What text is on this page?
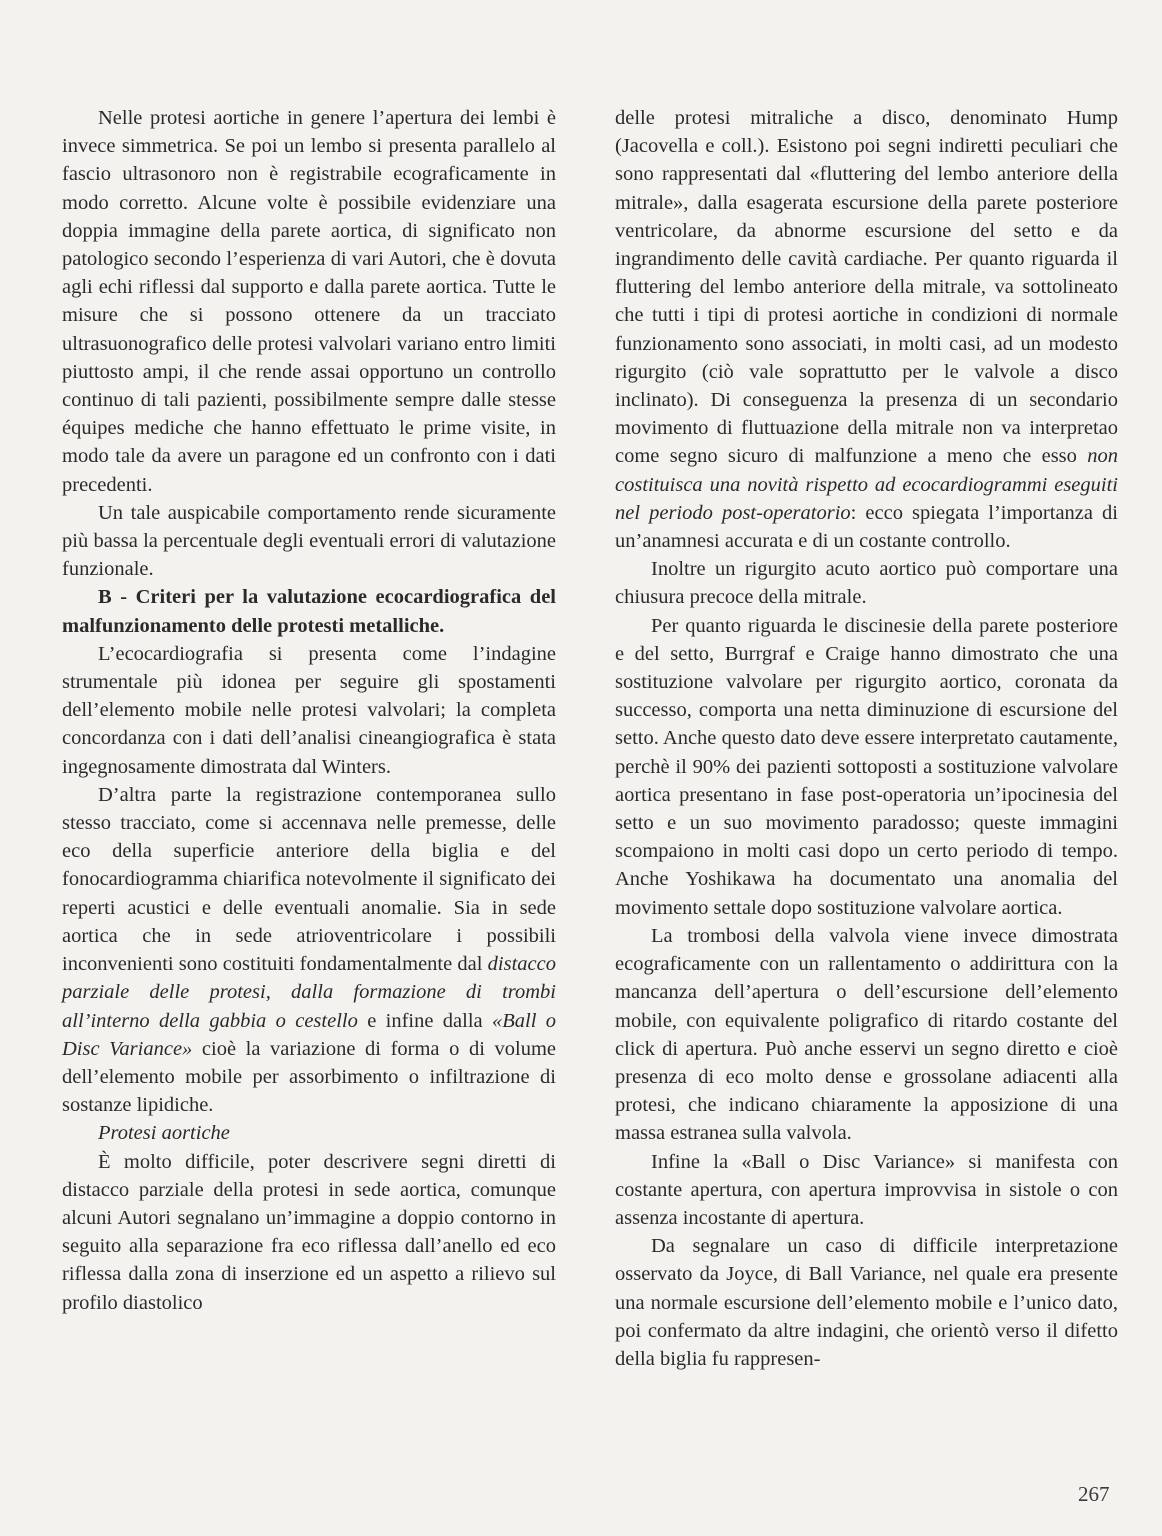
Nelle protesi aortiche in genere l’apertura dei lembi è invece simmetrica. Se poi un lembo si presenta parallelo al fascio ultrasonoro non è registrabile ecograficamente in modo corretto. Alcune volte è possibile evidenziare una doppia immagine della parete aortica, di significato non patologico secondo l’esperienza di vari Autori, che è dovuta agli echi riflessi dal supporto e dalla parete aortica. Tutte le misure che si possono ottenere da un tracciato ultrasuonografico delle protesi valvolari variano entro limiti piuttosto ampi, il che rende assai opportuno un controllo continuo di tali pazienti, possibilmente sempre dalle stesse équipes mediche che hanno effettuato le prime visite, in modo tale da avere un paragone ed un confronto con i dati precedenti.

Un tale auspicabile comportamento rende sicuramente più bassa la percentuale degli eventuali errori di valutazione funzionale.

B - Criteri per la valutazione ecocardiografica del malfunzionamento delle protesti metalliche.

L’ecocardiografia si presenta come l’indagine strumentale più idonea per seguire gli spostamenti dell’elemento mobile nelle protesi valvolari; la completa concordanza con i dati dell’analisi cineangiografica è stata ingegnosamente dimostrata dal Winters.

D’altra parte la registrazione contemporanea sullo stesso tracciato, come si accennava nelle premesse, delle eco della superficie anteriore della biglia e del fonocardiogramma chiarifica notevolmente il significato dei reperti acustici e delle eventuali anomalie. Sia in sede aortica che in sede atrioventricolare i possibili inconvenienti sono costituiti fondamentalmente dal distacco parziale delle protesi, dalla formazione di trombi all’interno della gabbia o cestello e infine dalla «Ball o Disc Variance» cioè la variazione di forma o di volume dell’elemento mobile per assorbimento o infiltrazione di sostanze lipidiche.

Protesi aortiche

È molto difficile, poter descrivere segni diretti di distacco parziale della protesi in sede aortica, comunque alcuni Autori segnalano un’immagine a doppio contorno in seguito alla separazione fra eco riflessa dall’anello ed eco riflessa dalla zona di inserzione ed un aspetto a rilievo sul profilo diastolico

delle protesi mitraliche a disco, denominato Hump (Jacovella e coll.). Esistono poi segni indiretti peculiari che sono rappresentati dal «fluttering del lembo anteriore della mitrale», dalla esagerata escursione della parete posteriore ventricolare, da abnorme escursione del setto e da ingrandimento delle cavità cardiache. Per quanto riguarda il fluttering del lembo anteriore della mitrale, va sottolineato che tutti i tipi di protesi aortiche in condizioni di normale funzionamento sono associati, in molti casi, ad un modesto rigurgito (ciò vale soprattutto per le valvole a disco inclinato). Di conseguenza la presenza di un secondario movimento di fluttuazione della mitrale non va interpretao come segno sicuro di malfunzione a meno che esso non costituisca una novità rispetto ad ecocardiogrammi eseguiti nel periodo post-operatorio: ecco spiegata l’importanza di un’anamnesi accurata e di un costante controllo.

Inoltre un rigurgito acuto aortico può comportare una chiusura precoce della mitrale.

Per quanto riguarda le discinesie della parete posteriore e del setto, Burrgraf e Craige hanno dimostrato che una sostituzione valvolare per rigurgito aortico, coronata da successo, comporta una netta diminuzione di escursione del setto. Anche questo dato deve essere interpretato cautamente, perchè il 90% dei pazienti sottoposti a sostituzione valvolare aortica presentano in fase post-operatoria un’ipocinesia del setto e un suo movimento paradosso; queste immagini scompaiono in molti casi dopo un certo periodo di tempo. Anche Yoshikawa ha documentato una anomalia del movimento settale dopo sostituzione valvolare aortica.

La trombosi della valvola viene invece dimostrata ecograficamente con un rallentamento o addirittura con la mancanza dell’apertura o dell’escursione dell’elemento mobile, con equivalente poligrafico di ritardo costante del click di apertura. Può anche esservi un segno diretto e cioè presenza di eco molto dense e grossolane adiacenti alla protesi, che indicano chiaramente la apposizione di una massa estranea sulla valvola.

Infine la «Ball o Disc Variance» si manifesta con costante apertura, con apertura improvvisa in sistole o con assenza incostante di apertura.

Da segnalare un caso di difficile interpretazione osservato da Joyce, di Ball Variance, nel quale era presente una normale escursione dell’elemento mobile e l’unico dato, poi confermato da altre indagini, che orientò verso il difetto della biglia fu rappresen-

267
